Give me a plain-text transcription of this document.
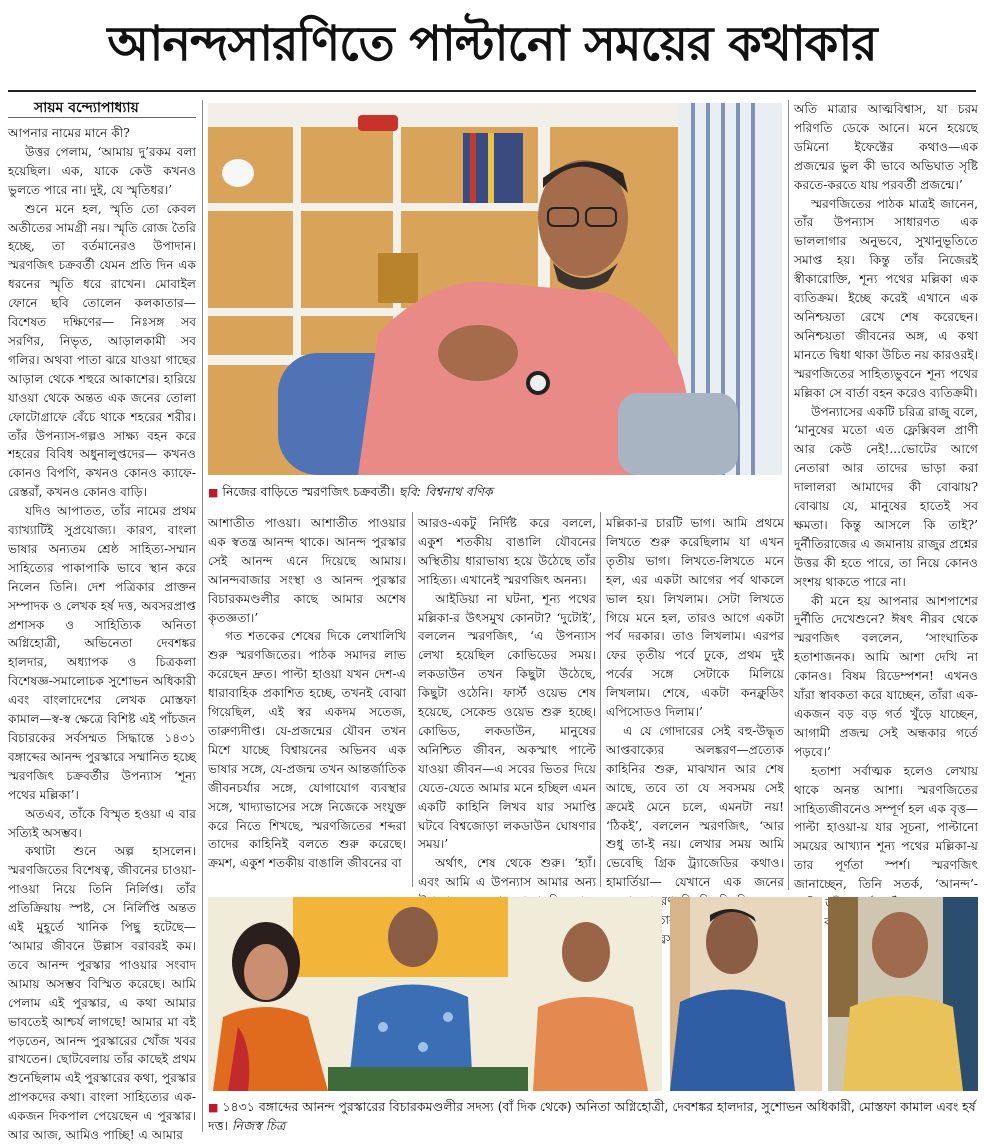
আনন্দসারণিতে পাল্টানো সময়ের কথাকার
সায়ম বন্দ্যোপাধ্যায়

আপনার নামের মানে কী?

উত্তর পেলাম, ‘আমায় দু’রকম বলা হয়েছিল। এক, যাকে কেউ কখনও ভুলতে পারে না। দুই, যে স্মৃতিধর।’

শুনে মনে হল, স্মৃতি তো কেবল অতীতের সামগ্রী নয়। স্মৃতি রোজ তৈরি হচ্ছে, তা বর্তমানেরও উপাদান। স্মরণজিৎ চক্রবর্তী যেমন প্রতি দিন এক ধরনের স্মৃতি ধরে রাখেন। মোবাইল ফোনে ছবি তোলেন কলকাতার—বিশেষত দক্ষিণের— নিঃসঙ্গ সব সরণির, নিভৃত, আড়ালকামী সব গলির। অথবা পাতা ঝরে যাওয়া গাছের আড়াল থেকে শহুরে আকাশের। হারিয়ে যাওয়া থেকে অন্তত এক জনের তোলা ফোটোগ্রাফে বেঁচে থাকে শহরের শরীর। তাঁর উপন্যাস-গল্পও সাক্ষ্য বহন করে শহরের বিবিধ অধুনালুপ্তদের— কখনও কোনও বিপণি, কখনও কোনও ক্যাফে-রেস্তরাঁ, কখনও কোনও বাড়ি।

যদিও আপাতত, তাঁর নামের প্রথম ব্যাখ্যাটিই সুপ্রযোজ্য। কারণ, বাংলা ভাষার অন্যতম শ্রেষ্ঠ সাহিত্য-সম্মান সাহিত্যের পাকাপাকি ভাবে স্থান করে নিলেন তিনি। দেশ পত্রিকার প্রাক্তন সম্পাদক ও লেখক হর্ষ দত্ত, অবসরপ্রাপ্ত প্রশাসক ও সাহিত্যিক অনিতা অগ্নিহোত্রী, অভিনেতা দেবশঙ্কর হালদার, অধ্যাপক ও চিত্রকলা বিশেষজ্ঞ-সমালোচক সুশোভন অধিকারী এবং বাংলাদেশের লেখক মোস্তফা কামাল—স্ব-স্ব ক্ষেত্রে বিশিষ্ট এই পাঁচজন বিচারকের সর্বসম্মত সিদ্ধান্তে ১৪৩১ বঙ্গাব্দের আনন্দ পুরস্কারে সম্মানিত হচ্ছে স্মরণজিৎ চক্রবর্তীর উপন্যাস ‘শূন্য পথের মল্লিকা’।

অতএব, তাঁকে বিস্মৃত হওয়া এ বার সত্যিই অসম্ভব।

কথাটা শুনে অল্প হাসলেন। স্মরণজিতের বিশেষত্ব, জীবনের চাওয়া-পাওয়া নিয়ে তিনি নির্লিপ্ত। তাঁর প্রতিক্রিয়ায় স্পষ্ট, সে নির্লিপ্তি অন্তত এই মুহূর্তে খানিক পিছু হটেছে— ‘আমার জীবনে উল্লাস বরাবরই কম। তবে আনন্দ পুরস্কার পাওয়ার সংবাদ আমায় অসম্ভব বিস্মিত করেছে। আমি পেলাম এই পুরস্কার, এ কথা আমার ভাবতেই আশ্চর্য লাগছে! আমার মা বই পড়তেন, আনন্দ পুরস্কারের খোঁজ খবর রাখতেন। ছোটবেলায় তাঁর কাছেই প্রথম শুনেছিলাম এই পুরস্কারের কথা, পুরস্কার প্রাপকদের কথা। বাংলা সাহিত্যের এক-একজন দিকপাল পেয়েছেন এ পুরস্কার। আর আজ, আমিও পাচ্ছি! এ আমার

■ নিজের বাড়িতে স্মরণজিৎ চক্রবর্তী। ছবি: বিশ্বনাথ বণিক

আশাতীত পাওয়া। আশাতীত পাওয়ার এক স্বতন্ত্র আনন্দ থাকে। আনন্দ পুরস্কার সেই আনন্দ এনে দিয়েছে আমায়। আনন্দবাজার সংস্থা ও আনন্দ পুরস্কার বিচারকমণ্ডলীর কাছে আমার অশেষ কৃতজ্ঞতা।’

গত শতকের শেষের দিকে লেখালিখি শুরু স্মরণজিতের। পাঠক সমাদর লাভ করেছেন দ্রুত। পাল্টা হাওয়া যখন দেশ-এ ধারাবাহিক প্রকাশিত হচ্ছে, তখনই বোঝা গিয়েছিল, এই স্বর একদম সতেজ, তারুণ্যদীপ্ত। যে-প্রজন্মের যৌবন তখন মিশে যাচ্ছে বিশ্বায়নের অভিনব এক ভাষার সঙ্গে, যে-প্রজন্ম তখন আন্তর্জাতিক জীবনচর্যার সঙ্গে, যোগাযোগ ব্যবস্থার সঙ্গে, খাদ্যাভাসের সঙ্গে নিজেকে সংযুক্ত করে নিতে শিখছে, স্মরণজিতের শব্দরা তাদের কাহিনিই বলতে শুরু করেছে। ক্রমশ, একুশ শতকীয় বাঙালি জীবনের বা

আরও-একটু নির্দিষ্ট করে বললে, একুশ শতকীয় বাঙালি যৌবনের অস্থিতীয় ধারাভাষ্য হয়ে উঠেছে তাঁর সাহিত্য। এখানেই স্মরণজিৎ অনন্য।

আইডিয়া না ঘটনা, শূন্য পথের মল্লিকা-র উৎসমুখ কোনটা? ‘দুটোই’, বললেন স্মরণজিৎ, ‘এ উপন্যাস লেখা হয়েছিল কোভিডের সময়। লকডাউন তখন কিছুটা উঠেছে, কিছুটা ওঠেনি। ফার্স্ট ওয়েভ শেষ হয়েছে, সেকেন্ড ওয়েভ শুরু হচ্ছে। কোভিড, লকডাউন, মানুষের অনিশ্চিত জীবন, অকস্মাৎ পাল্টে যাওয়া জীবন—এ সবের ভিতর দিয়ে যেতে-যেতে আমার মনে হচ্ছিল এমন একটি কাহিনি লিখব যার সমাপ্তি ঘটবে বিশ্বজোড়া লকডাউন ঘোষণার সময়।’

অর্থাৎ, শেষ থেকে শুরু। ‘হ্যাঁ। এবং আমি এ উপন্যাস আমার অন্য

মল্লিকা-র চারটি ভাগ। আমি প্রথমে লিখতে শুরু করেছিলাম যা এখন তৃতীয় ভাগ। লিখতে-লিখতে মনে হল, এর একটা আগের পর্ব থাকলে ভাল হয়। লিখলাম। সেটা লিখতে গিয়ে মনে হল, তারও আগে একটা পর্ব দরকার। তাও লিখলাম। এরপর ফের তৃতীয় পর্বে ঢুকে, প্রথম দুই পর্বের সঙ্গে সেটাকে মিলিয়ে লিখলাম। শেষে, একটা কনক্লুডিং এপিসোডও দিলাম।’

এ যে গোদারের সেই বহু-উদ্ধৃত আপ্তবাক্যের অলঙ্করণ—প্রত্যেক কাহিনির শুরু, মাঝখান আর শেষ আছে, তবে তা যে সবসময় সেই ক্রমেই মেনে চলে, এমনটা নয়! ‘ঠিকই’, বললেন স্মরণজিৎ, ‘আর শুধু তা-ই নয়। লেখার সময় আমি ভেবেছি গ্রিক ট্র্যাজেডির কথাও। হামার্তিয়া— যেখানে এক জনের তারই

অতি মাত্রার আত্মবিশ্বাস, যা চরম পরিণতি ডেকে আনে। মনে হয়েছে ডমিনো ইফেক্টের কথাও—এক প্রজন্মের ভুল কী ভাবে অভিঘাত সৃষ্টি করতে-করতে যায় পরবর্তী প্রজন্মে।’

স্মরণজিতের পাঠক মাত্রই জানেন, তাঁর উপন্যাস সাধারণত এক ভাললাগার অনুভবে, সুখানুভূতিতে সমাপ্ত হয়। কিন্তু তাঁর নিজেরই স্বীকারোক্তি, শূন্য পথের মল্লিকা এক ব্যতিক্রম। ইচ্ছে করেই এখানে এক অনিশ্চয়তা রেখে শেষ করেছেন। অনিশ্চয়তা জীবনের অঙ্গ, এ কথা মানতে দ্বিধা থাকা উচিত নয় কারওরই। স্মরণজিতের সাহিত্যভুবনে শূন্য পথের মল্লিকা সে বার্তা বহন করেও ব্যতিক্রমী।

উপন্যাসের একটি চরিত্র রাজু বলে, ‘মানুষের মতো এত ফ্লেক্সিবল প্রাণী আর কেউ নেই!...ভোটের আগে নেতারা আর তাদের ভাড়া করা দালালরা আমাদের কী বোঝায়? বোঝায় যে, মানুষের হাতেই সব ক্ষমতা। কিন্তু আসলে কি তাই?’ দুর্নীতিরাজের এ জমানায় রাজুর প্রশ্নের উত্তর কী হতে পারে, তা নিয়ে কোনও সংশয় থাকতে পারে না।

কী মনে হয় আপনার আশপাশের দুর্নীতি দেখেশুনে? ঈষৎ নীরব থেকে স্মরণজিৎ বললেন, ‘সাংঘাতিক হতাশাজনক। আমি আশা দেখি না কোনও। বিষম রিডেম্পশন! এখনও যাঁরা স্বাবকতা করে যাচ্ছেন, তাঁরা এক-একজন বড় বড় গর্ত খুঁড়ে যাচ্ছেন, আগামী প্রজন্ম সেই অন্ধকার গর্তে পড়বে।’

হতাশা সর্বাত্মক হলেও লেখায় থাকে অনন্ত আশা। স্মরণজিতের সাহিত্যজীবনেও সম্পূর্ণ হল এক বৃত্ত—পাল্টা হাওয়া-য় যার সূচনা, পাল্টানো সময়ের আখ্যান শূন্য পথের মল্লিকা-য় তার পূর্ণতা স্পর্শ। স্মরণজিৎ জানাচ্ছেন, তিনি সতর্ক, ‘আনন্দ’-

■ ১৪৩১ বঙ্গাব্দের আনন্দ পুরস্কারের বিচারকমণ্ডলীর সদস্য (বাঁ দিক থেকে) অনিতা অগ্নিহোত্রী, দেবশঙ্কর হালদার, সুশোভন অধিকারী, মোস্তফা কামাল এবং হর্ষ দত্ত। নিজস্ব চিত্র
